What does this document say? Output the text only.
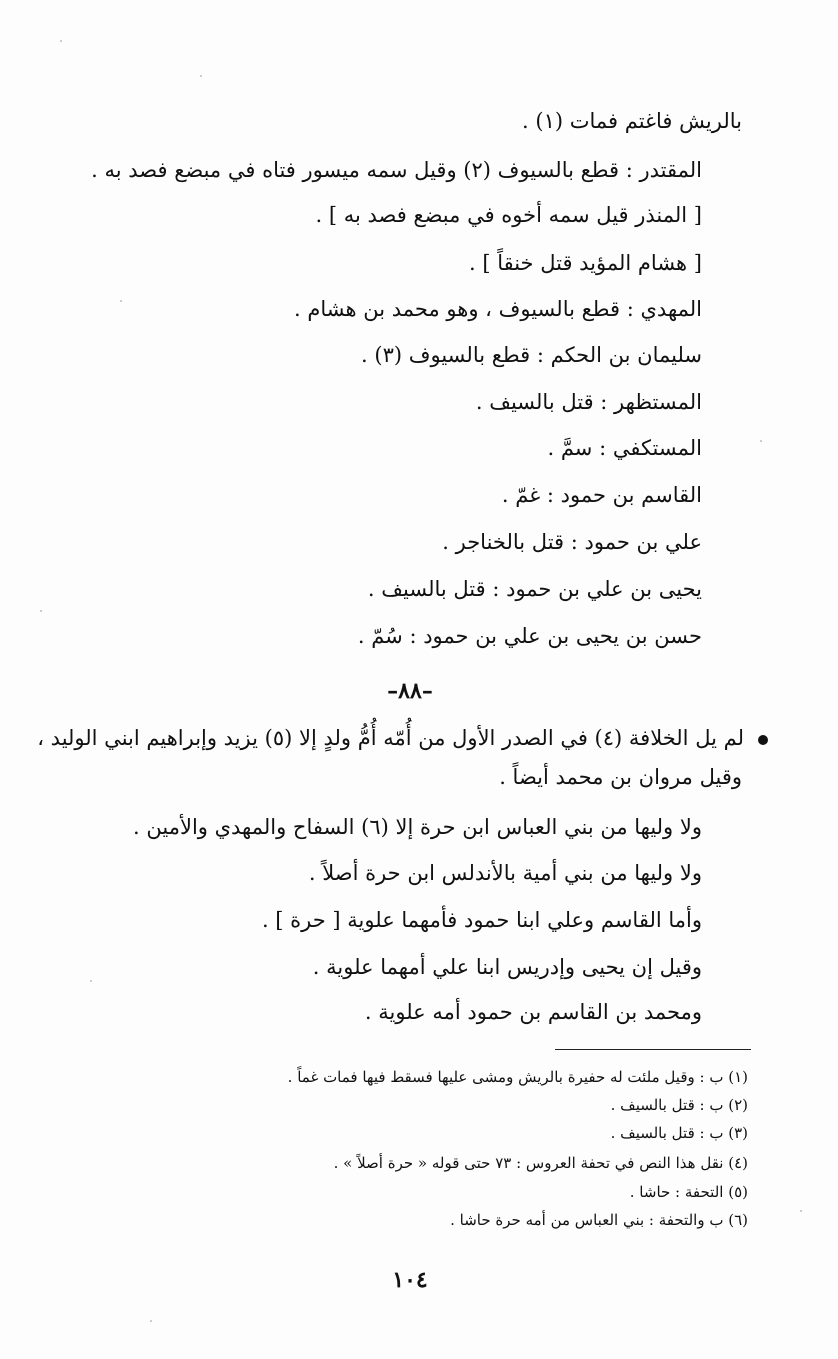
بالريش فاغتم فمات (١) .
المقتدر : قطع بالسيوف (٢) وقيل سمه ميسور فتاه في مبضع فصد به .
[ المنذر قيل سمه أخوه في مبضع فصد به ] .
[ هشام المؤيد قتل خنقاً ] .
المهدي : قطع بالسيوف ، وهو محمد بن هشام .
سليمان بن الحكم : قطع بالسيوف (٣) .
المستظهر : قتل بالسيف .
المستكفي : سمَّ .
القاسم بن حمود : غمّ .
علي بن حمود : قتل بالخناجر .
يحيى بن علي بن حمود : قتل بالسيف .
حسن بن يحيى بن علي بن حمود : سُمّ .
–٨٨–
لم يل الخلافة (٤) في الصدر الأول من أُمّه أُمُّ ولدٍ إلا (٥) يزيد وإبراهيم ابني الوليد ،
وقيل مروان بن محمد أيضاً .
ولا وليها من بني العباس ابن حرة إلا (٦) السفاح والمهدي والأمين .
ولا وليها من بني أمية بالأندلس ابن حرة أصلاً .
وأما القاسم وعلي ابنا حمود فأمهما علوية [ حرة ] .
وقيل إن يحيى وإدريس ابنا علي أمهما علوية .
ومحمد بن القاسم بن حمود أمه علوية .
(١) ب : وقيل ملئت له حفيرة بالريش ومشى عليها فسقط فيها فمات غماً .
(٢) ب : قتل بالسيف .
(٣) ب : قتل بالسيف .
(٤) نقل هذا النص في تحفة العروس : ٧٣ حتى قوله « حرة أصلاً » .
(٥) التحفة : حاشا .
(٦) ب والتحفة : بني العباس من أمه حرة حاشا .
١٠٤
